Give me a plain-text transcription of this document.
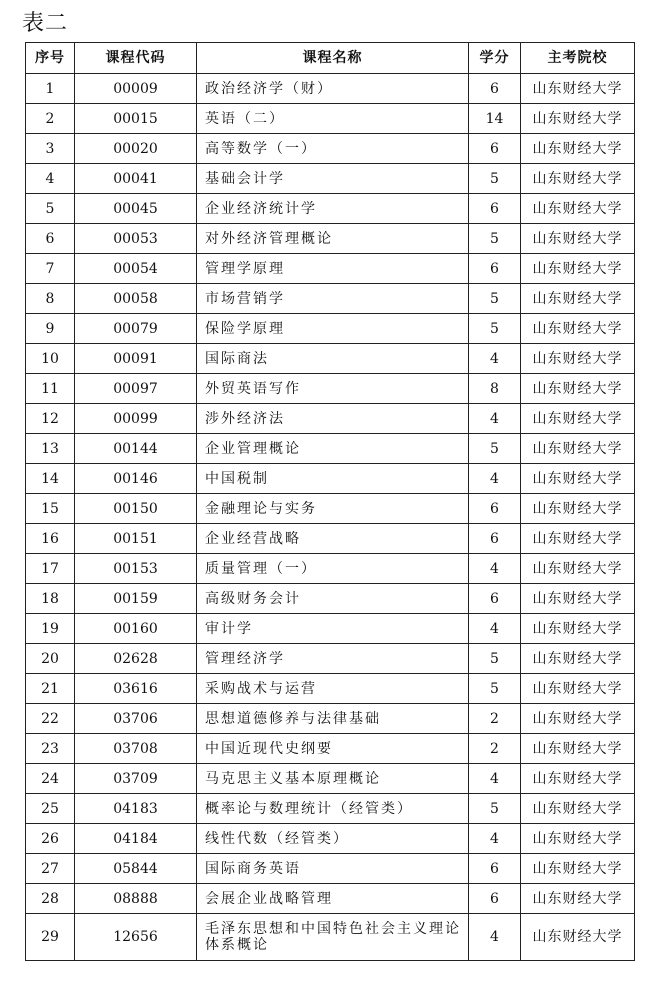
表二
序号	课程代码	课程名称	学分	主考院校
1	00009	政治经济学（财）	6	山东财经大学
2	00015	英语（二）	14	山东财经大学
3	00020	高等数学（一）	6	山东财经大学
4	00041	基础会计学	5	山东财经大学
5	00045	企业经济统计学	6	山东财经大学
6	00053	对外经济管理概论	5	山东财经大学
7	00054	管理学原理	6	山东财经大学
8	00058	市场营销学	5	山东财经大学
9	00079	保险学原理	5	山东财经大学
10	00091	国际商法	4	山东财经大学
11	00097	外贸英语写作	8	山东财经大学
12	00099	涉外经济法	4	山东财经大学
13	00144	企业管理概论	5	山东财经大学
14	00146	中国税制	4	山东财经大学
15	00150	金融理论与实务	6	山东财经大学
16	00151	企业经营战略	6	山东财经大学
17	00153	质量管理（一）	4	山东财经大学
18	00159	高级财务会计	6	山东财经大学
19	00160	审计学	4	山东财经大学
20	02628	管理经济学	5	山东财经大学
21	03616	采购战术与运营	5	山东财经大学
22	03706	思想道德修养与法律基础	2	山东财经大学
23	03708	中国近现代史纲要	2	山东财经大学
24	03709	马克思主义基本原理概论	4	山东财经大学
25	04183	概率论与数理统计（经管类）	5	山东财经大学
26	04184	线性代数（经管类）	4	山东财经大学
27	05844	国际商务英语	6	山东财经大学
28	08888	会展企业战略管理	6	山东财经大学
29	12656	毛泽东思想和中国特色社会主义理论体系概论	4	山东财经大学
